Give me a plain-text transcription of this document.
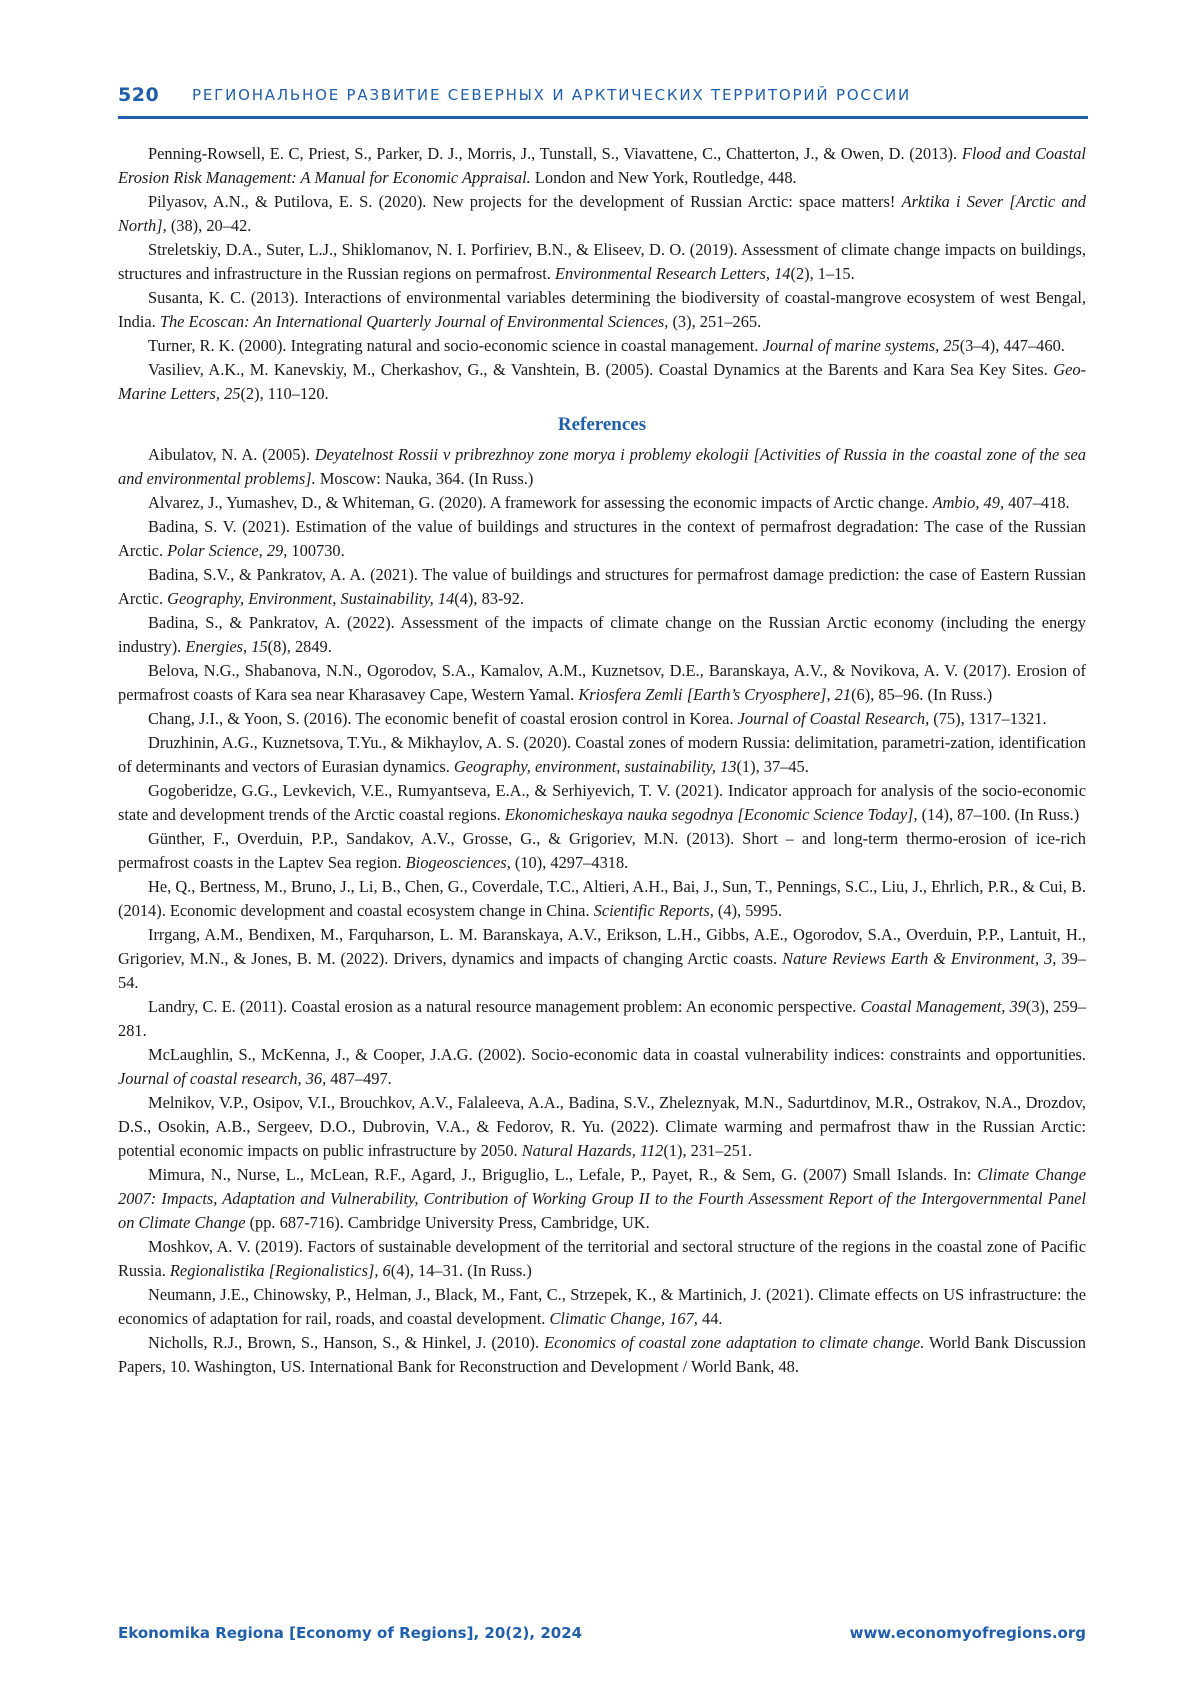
520 РЕГИОНАЛЬНОЕ РАЗВИТИЕ СЕВЕРНЫХ И АРКТИЧЕСКИХ ТЕРРИТОРИЙ РОССИИ

Penning-Rowsell, E. C, Priest, S., Parker, D. J., Morris, J., Tunstall, S., Viavattene, C., Chatterton, J., & Owen, D. (2013). Flood and Coastal Erosion Risk Management: A Manual for Economic Appraisal. London and New York, Routledge, 448.

Pilyasov, A.N., & Putilova, E. S. (2020). New projects for the development of Russian Arctic: space matters! Arktika i Sever [Arctic and North], (38), 20–42.

Streletskiy, D.A., Suter, L.J., Shiklomanov, N. I. Porfiriev, B.N., & Eliseev, D. O. (2019). Assessment of climate change impacts on buildings, structures and infrastructure in the Russian regions on permafrost. Environmental Research Letters, 14(2), 1–15.

Susanta, K. C. (2013). Interactions of environmental variables determining the biodiversity of coastal-mangrove ecosystem of west Bengal, India. The Ecoscan: An International Quarterly Journal of Environmental Sciences, (3), 251–265.

Turner, R. K. (2000). Integrating natural and socio-economic science in coastal management. Journal of marine systems, 25(3–4), 447–460.

Vasiliev, A.K., M. Kanevskiy, M., Cherkashov, G., & Vanshtein, B. (2005). Coastal Dynamics at the Barents and Kara Sea Key Sites. Geo-Marine Letters, 25(2), 110–120.

References

Aibulatov, N. A. (2005). Deyatelnost Rossii v pribrezhnoy zone morya i problemy ekologii [Activities of Russia in the coastal zone of the sea and environmental problems]. Moscow: Nauka, 364. (In Russ.)

Alvarez, J., Yumashev, D., & Whiteman, G. (2020). A framework for assessing the economic impacts of Arctic change. Ambio, 49, 407–418.

Badina, S. V. (2021). Estimation of the value of buildings and structures in the context of permafrost degradation: The case of the Russian Arctic. Polar Science, 29, 100730.

Badina, S.V., & Pankratov, A. A. (2021). The value of buildings and structures for permafrost damage prediction: the case of Eastern Russian Arctic. Geography, Environment, Sustainability, 14(4), 83-92.

Badina, S., & Pankratov, A. (2022). Assessment of the impacts of climate change on the Russian Arctic economy (including the energy industry). Energies, 15(8), 2849.

Belova, N.G., Shabanova, N.N., Ogorodov, S.A., Kamalov, A.M., Kuznetsov, D.E., Baranskaya, A.V., & Novikova, A. V. (2017). Erosion of permafrost coasts of Kara sea near Kharasavey Cape, Western Yamal. Kriosfera Zemli [Earth’s Cryosphere], 21(6), 85–96. (In Russ.)

Chang, J.I., & Yoon, S. (2016). The economic benefit of coastal erosion control in Korea. Journal of Coastal Research, (75), 1317–1321.

Druzhinin, A.G., Kuznetsova, T.Yu., & Mikhaylov, A. S. (2020). Coastal zones of modern Russia: delimitation, parametri-zation, identification of determinants and vectors of Eurasian dynamics. Geography, environment, sustainability, 13(1), 37–45.

Gogoberidze, G.G., Levkevich, V.E., Rumyantseva, E.A., & Serhiyevich, T. V. (2021). Indicator approach for analysis of the socio-economic state and development trends of the Arctic coastal regions. Ekonomicheskaya nauka segodnya [Economic Science Today], (14), 87–100. (In Russ.)

Günther, F., Overduin, P.P., Sandakov, A.V., Grosse, G., & Grigoriev, M.N. (2013). Short – and long-term thermo-erosion of ice-rich permafrost coasts in the Laptev Sea region. Biogeosciences, (10), 4297–4318.

He, Q., Bertness, M., Bruno, J., Li, B., Chen, G., Coverdale, T.C., Altieri, A.H., Bai, J., Sun, T., Pennings, S.C., Liu, J., Ehrlich, P.R., & Cui, B. (2014). Economic development and coastal ecosystem change in China. Scientific Reports, (4), 5995.

Irrgang, A.M., Bendixen, M., Farquharson, L. M. Baranskaya, A.V., Erikson, L.H., Gibbs, A.E., Ogorodov, S.A., Overduin, P.P., Lantuit, H., Grigoriev, M.N., & Jones, B. M. (2022). Drivers, dynamics and impacts of changing Arctic coasts. Nature Reviews Earth & Environment, 3, 39–54.

Landry, C. E. (2011). Coastal erosion as a natural resource management problem: An economic perspective. Coastal Management, 39(3), 259–281.

McLaughlin, S., McKenna, J., & Cooper, J.A.G. (2002). Socio-economic data in coastal vulnerability indices: constraints and opportunities. Journal of coastal research, 36, 487–497.

Melnikov, V.P., Osipov, V.I., Brouchkov, A.V., Falaleeva, A.A., Badina, S.V., Zheleznyak, M.N., Sadurtdinov, M.R., Ostrakov, N.A., Drozdov, D.S., Osokin, A.B., Sergeev, D.O., Dubrovin, V.A., & Fedorov, R. Yu. (2022). Climate warming and permafrost thaw in the Russian Arctic: potential economic impacts on public infrastructure by 2050. Natural Hazards, 112(1), 231–251.

Mimura, N., Nurse, L., McLean, R.F., Agard, J., Briguglio, L., Lefale, P., Payet, R., & Sem, G. (2007) Small Islands. In: Climate Change 2007: Impacts, Adaptation and Vulnerability, Contribution of Working Group II to the Fourth Assessment Report of the Intergovernmental Panel on Climate Change (pp. 687-716). Cambridge University Press, Cambridge, UK.

Moshkov, A. V. (2019). Factors of sustainable development of the territorial and sectoral structure of the regions in the coastal zone of Pacific Russia. Regionalistika [Regionalistics], 6(4), 14–31. (In Russ.)

Neumann, J.E., Chinowsky, P., Helman, J., Black, M., Fant, C., Strzepek, K., & Martinich, J. (2021). Climate effects on US infrastructure: the economics of adaptation for rail, roads, and coastal development. Climatic Change, 167, 44.

Nicholls, R.J., Brown, S., Hanson, S., & Hinkel, J. (2010). Economics of coastal zone adaptation to climate change. World Bank Discussion Papers, 10. Washington, US. International Bank for Reconstruction and Development / World Bank, 48.

Ekonomika Regiona [Economy of Regions], 20(2), 2024	www.economyofregions.org
